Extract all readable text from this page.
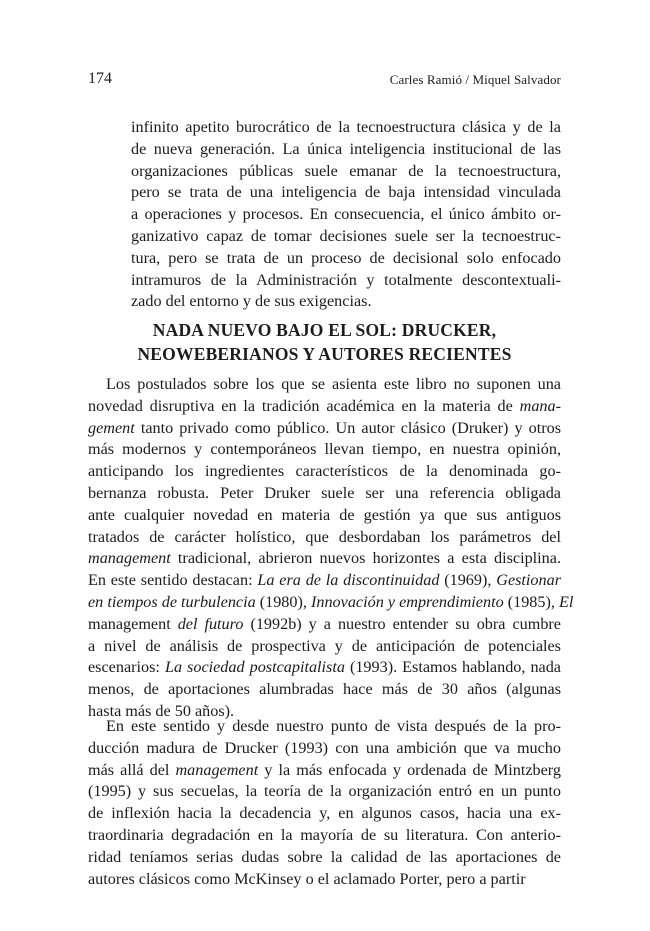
174	Carles Ramió / Miquel Salvador
infinito apetito burocrático de la tecnoestructura clásica y de la
de nueva generación. La única inteligencia institucional de las
organizaciones públicas suele emanar de la tecnoestructura,
pero se trata de una inteligencia de baja intensidad vinculada
a operaciones y procesos. En consecuencia, el único ámbito or-
ganizativo capaz de tomar decisiones suele ser la tecnoestruc-
tura, pero se trata de un proceso de decisional solo enfocado
intramuros de la Administración y totalmente descontextuali-
zado del entorno y de sus exigencias.
NADA NUEVO BAJO EL SOL: DRUCKER,
NEOWEBERIANOS Y AUTORES RECIENTES
Los postulados sobre los que se asienta este libro no suponen una
novedad disruptiva en la tradición académica en la materia de mana-
gement tanto privado como público. Un autor clásico (Druker) y otros
más modernos y contemporáneos llevan tiempo, en nuestra opinión,
anticipando los ingredientes característicos de la denominada go-
bernanza robusta. Peter Druker suele ser una referencia obligada
ante cualquier novedad en materia de gestión ya que sus antiguos
tratados de carácter holístico, que desbordaban los parámetros del
management tradicional, abrieron nuevos horizontes a esta disciplina.
En este sentido destacan: La era de la discontinuidad (1969), Gestionar
en tiempos de turbulencia (1980), Innovación y emprendimiento (1985), El
management del futuro (1992b) y a nuestro entender su obra cumbre
a nivel de análisis de prospectiva y de anticipación de potenciales
escenarios: La sociedad postcapitalista (1993). Estamos hablando, nada
menos, de aportaciones alumbradas hace más de 30 años (algunas
hasta más de 50 años).
En este sentido y desde nuestro punto de vista después de la pro-
ducción madura de Drucker (1993) con una ambición que va mucho
más allá del management y la más enfocada y ordenada de Mintzberg
(1995) y sus secuelas, la teoría de la organización entró en un punto
de inflexión hacia la decadencia y, en algunos casos, hacia una ex-
traordinaria degradación en la mayoría de su literatura. Con anterio-
ridad teníamos serias dudas sobre la calidad de las aportaciones de
autores clásicos como McKinsey o el aclamado Porter, pero a partir
